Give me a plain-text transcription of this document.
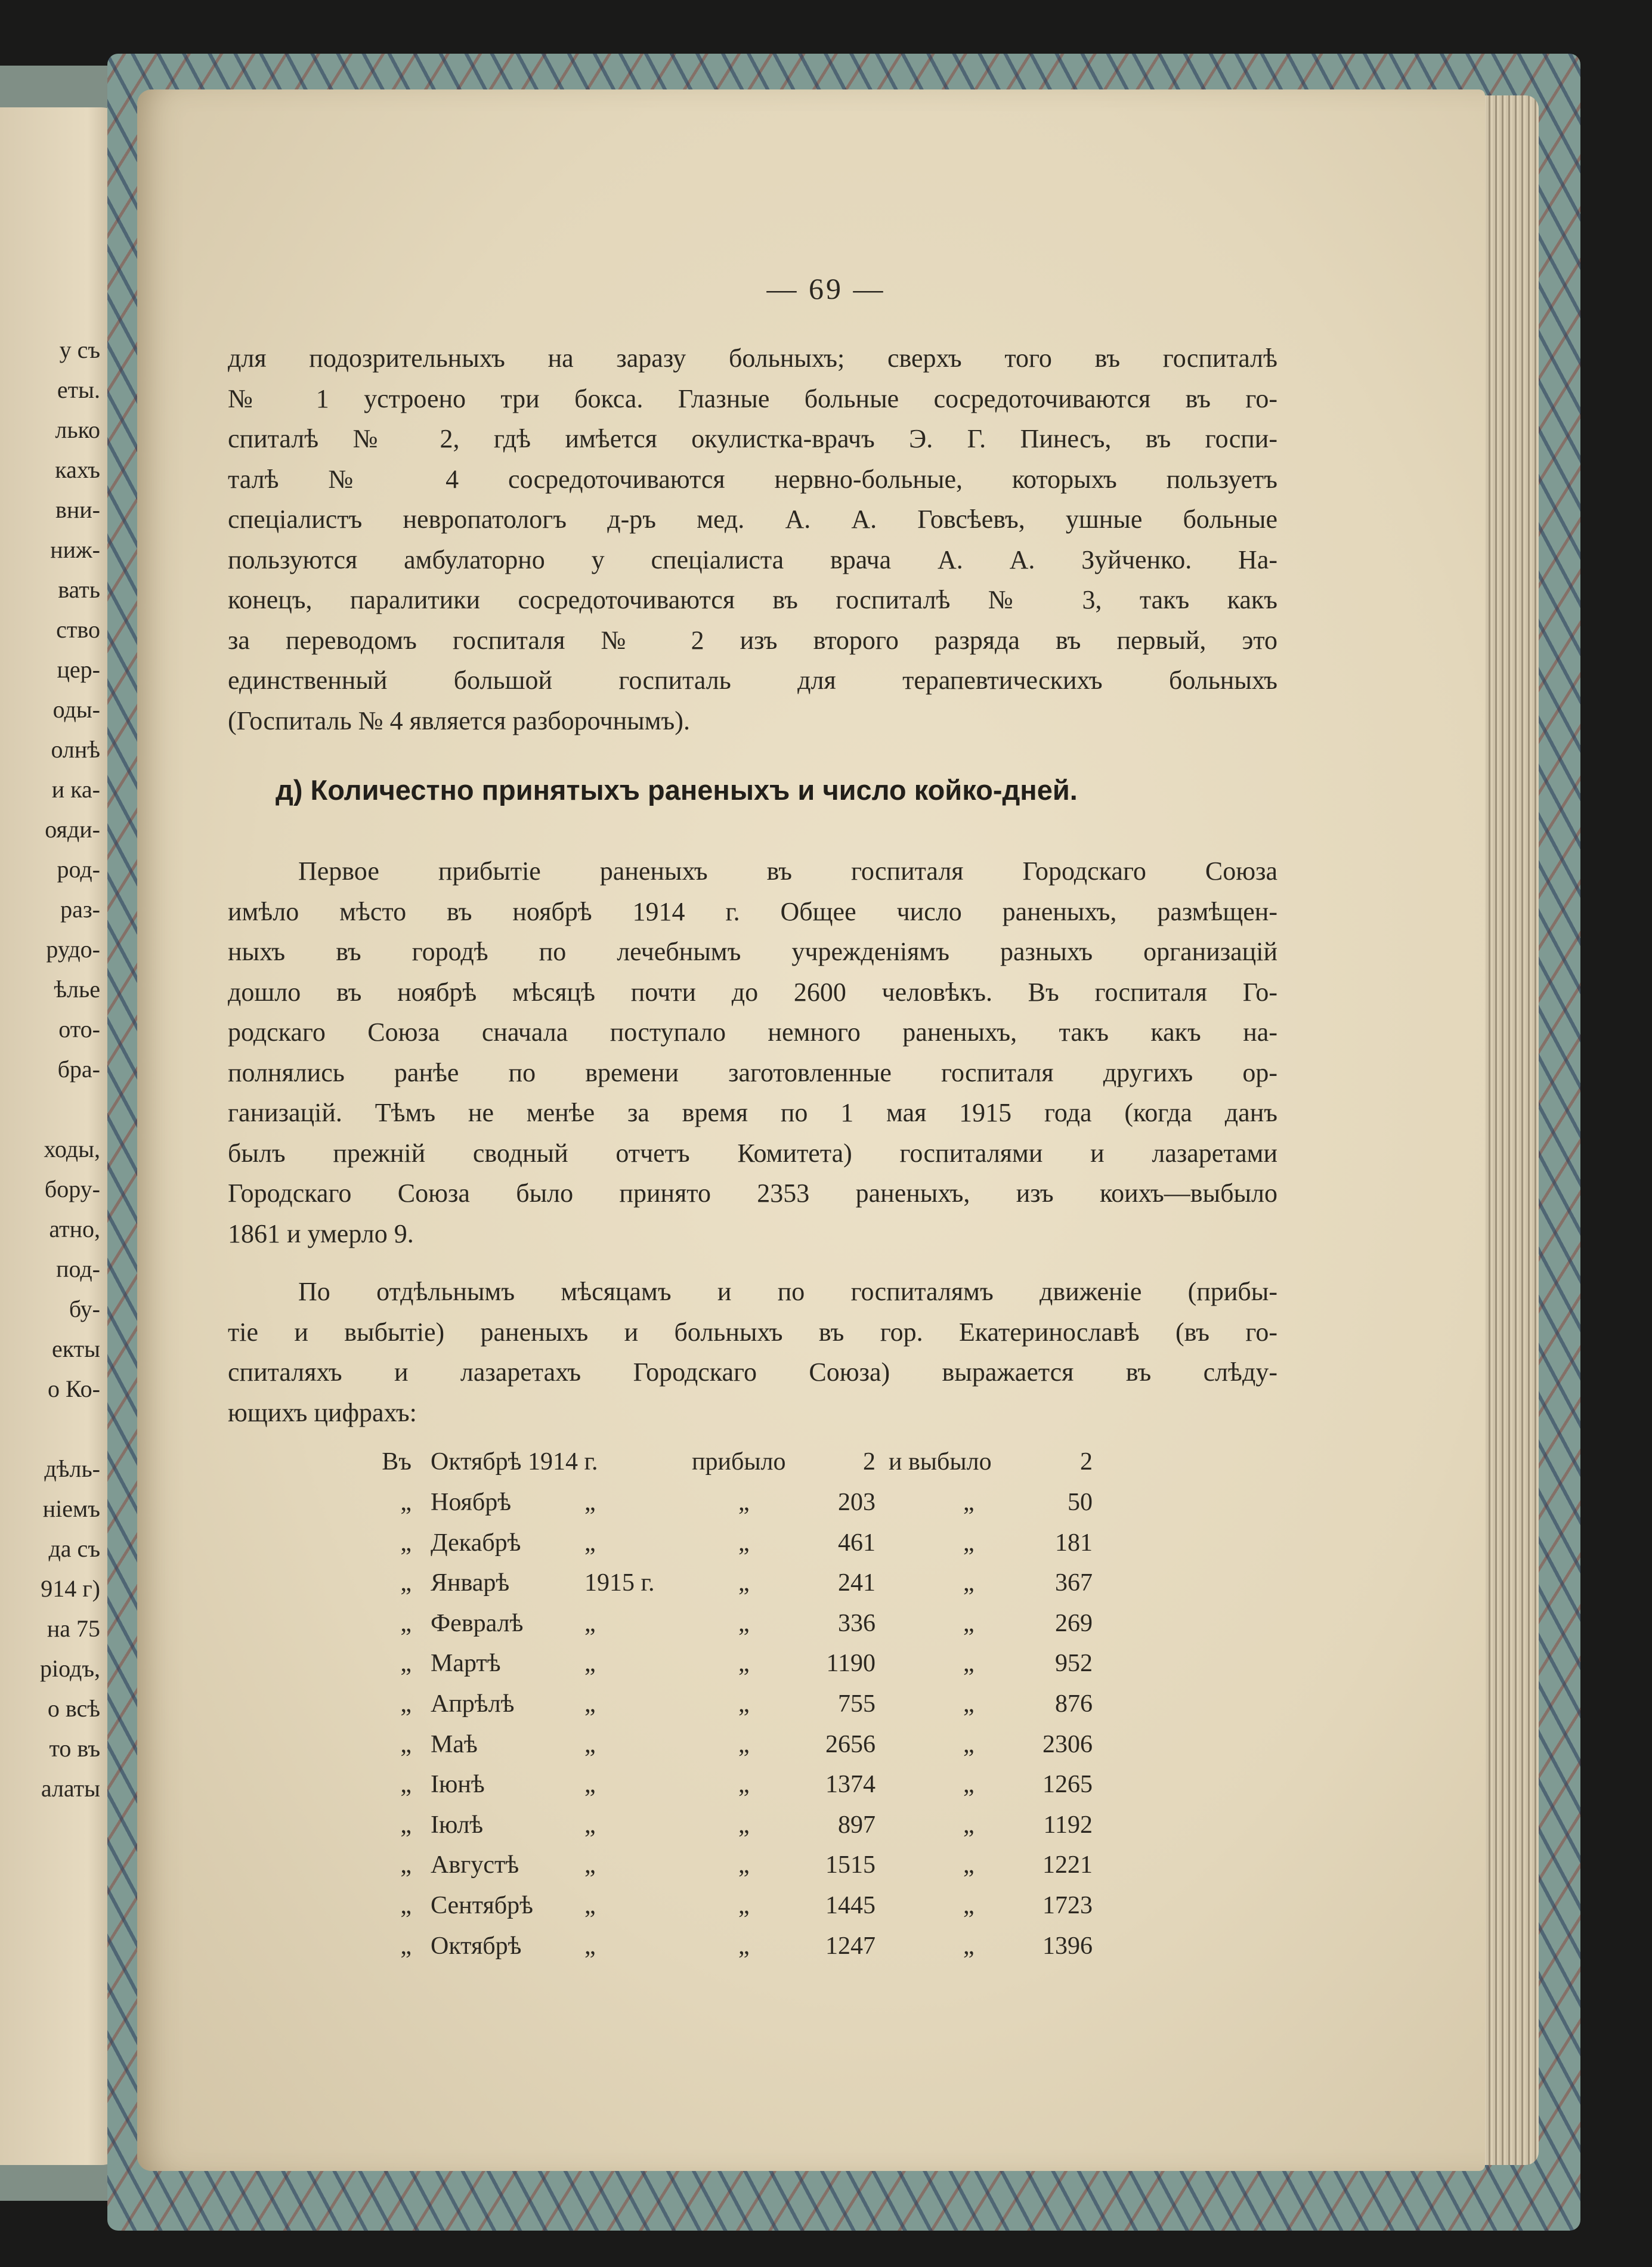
у съ
еты.
лько
кахъ
вни-
ниж-
вать
ство
цер-
оды-
олнѣ
и ка-
ояди-
род-
раз-
рудо-
ѣлье
ото-
бра-
ходы,
бору-
атно,
под-
бу-
екты
о Ко-
дѣль-
ніемъ
да съ
914 г)
на 75
ріодъ,
о всѣ
то въ
алаты
— 69 —
для подозрительныхъ на заразу больныхъ; сверхъ того въ госпиталѣ
№ 1 устроено три бокса. Глазные больные сосредоточиваются въ го-
спиталѣ № 2, гдѣ имѣется окулистка-врачъ Э. Г. Пинесъ, въ госпи-
талѣ № 4 сосредоточиваются нервно-больные, которыхъ пользуетъ
спеціалистъ невропатологъ д-ръ мед. А. А. Говсѣевъ, ушные больные
пользуются амбулаторно у спеціалиста врача А. А. Зуйченко. На-
конецъ, паралитики сосредоточиваются въ госпиталѣ № 3, такъ какъ
за переводомъ госпиталя № 2 изъ второго разряда въ первый, это
единственный большой госпиталь для терапевтическихъ больныхъ
(Госпиталь № 4 является разборочнымъ).
д) Количестно принятыхъ раненыхъ и число койко-дней.
Первое прибытіе раненыхъ въ госпиталя Городскаго Союза
имѣло мѣсто въ ноябрѣ 1914 г. Общее число раненыхъ, размѣщен-
ныхъ въ городѣ по лечебнымъ учрежденіямъ разныхъ организацій
дошло въ ноябрѣ мѣсяцѣ почти до 2600 человѣкъ. Въ госпиталя Го-
родскаго Союза сначала поступало немного раненыхъ, такъ какъ на-
полнялись ранѣе по времени заготовленные госпиталя другихъ ор-
ганизацій. Тѣмъ не менѣе за время по 1 мая 1915 года (когда данъ
былъ прежній сводный отчетъ Комитета) госпиталями и лазаретами
Городскаго Союза было принято 2353 раненыхъ, изъ коихъ—выбыло
1861 и умерло 9.
По отдѣльнымъ мѣсяцамъ и по госпиталямъ движеніе (прибы-
тіе и выбытіе) раненыхъ и больныхъ въ гор. Екатеринославѣ (въ го-
спиталяхъ и лазаретахъ Городскаго Союза) выражается въ слѣду-
ющихъ цифрахъ:
Въ Октябрѣ 1914 г.	прибыло	2 и выбыло	2
„ Ноябрѣ	„	„	203	„	50
„ Декабрѣ	„	„	461	„	181
„ Январѣ	1915 г.	„	241	„	367
„ Февралѣ „	„	336	„	269
„ Мартѣ	„	„	1190	„	952
„ Апрѣлѣ	„	„	755	„	876
„ Маѣ	„	„	2656	„	2306
„ Іюнѣ	„	„	1374	„	1265
„ Іюлѣ	„	„	897	„	1192
„ Августѣ	„	„	1515	„	1221
„ Сентябрѣ „	„	1445	„	1723
„ Октябрѣ	„	„	1247	„	1396
